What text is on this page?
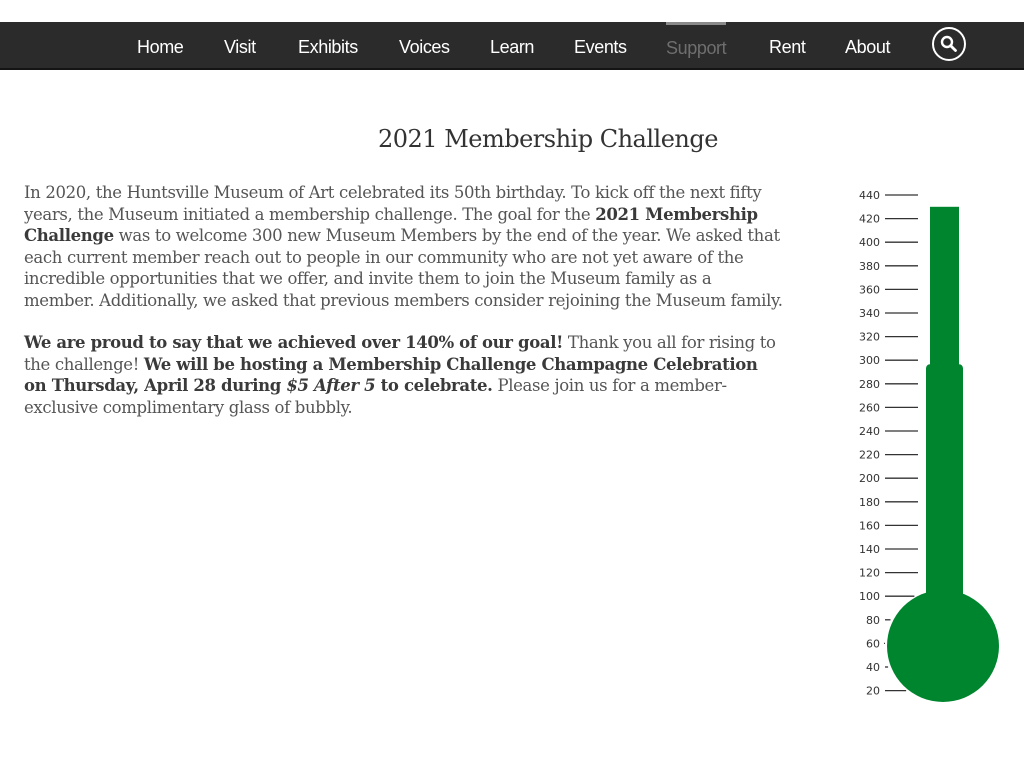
Home Visit Exhibits Voices Learn Events Support Rent About
2021 Membership Challenge

In 2020, the Huntsville Museum of Art celebrated its 50th birthday. To kick off the next fifty years, the Museum initiated a membership challenge. The goal for the 2021 Membership Challenge was to welcome 300 new Museum Members by the end of the year. We asked that each current member reach out to people in our community who are not yet aware of the incredible opportunities that we offer, and invite them to join the Museum family as a member. Additionally, we asked that previous members consider rejoining the Museum family.

We are proud to say that we achieved over 140% of our goal! Thank you all for rising to the challenge! We will be hosting a Membership Challenge Champagne Celebration on Thursday, April 28 during $5 After 5 to celebrate. Please join us for a member-exclusive complimentary glass of bubbly.

440
420
400
380
360
340
320
300
280
260
240
220
200
180
160
140
120
100
80
60
40
20
